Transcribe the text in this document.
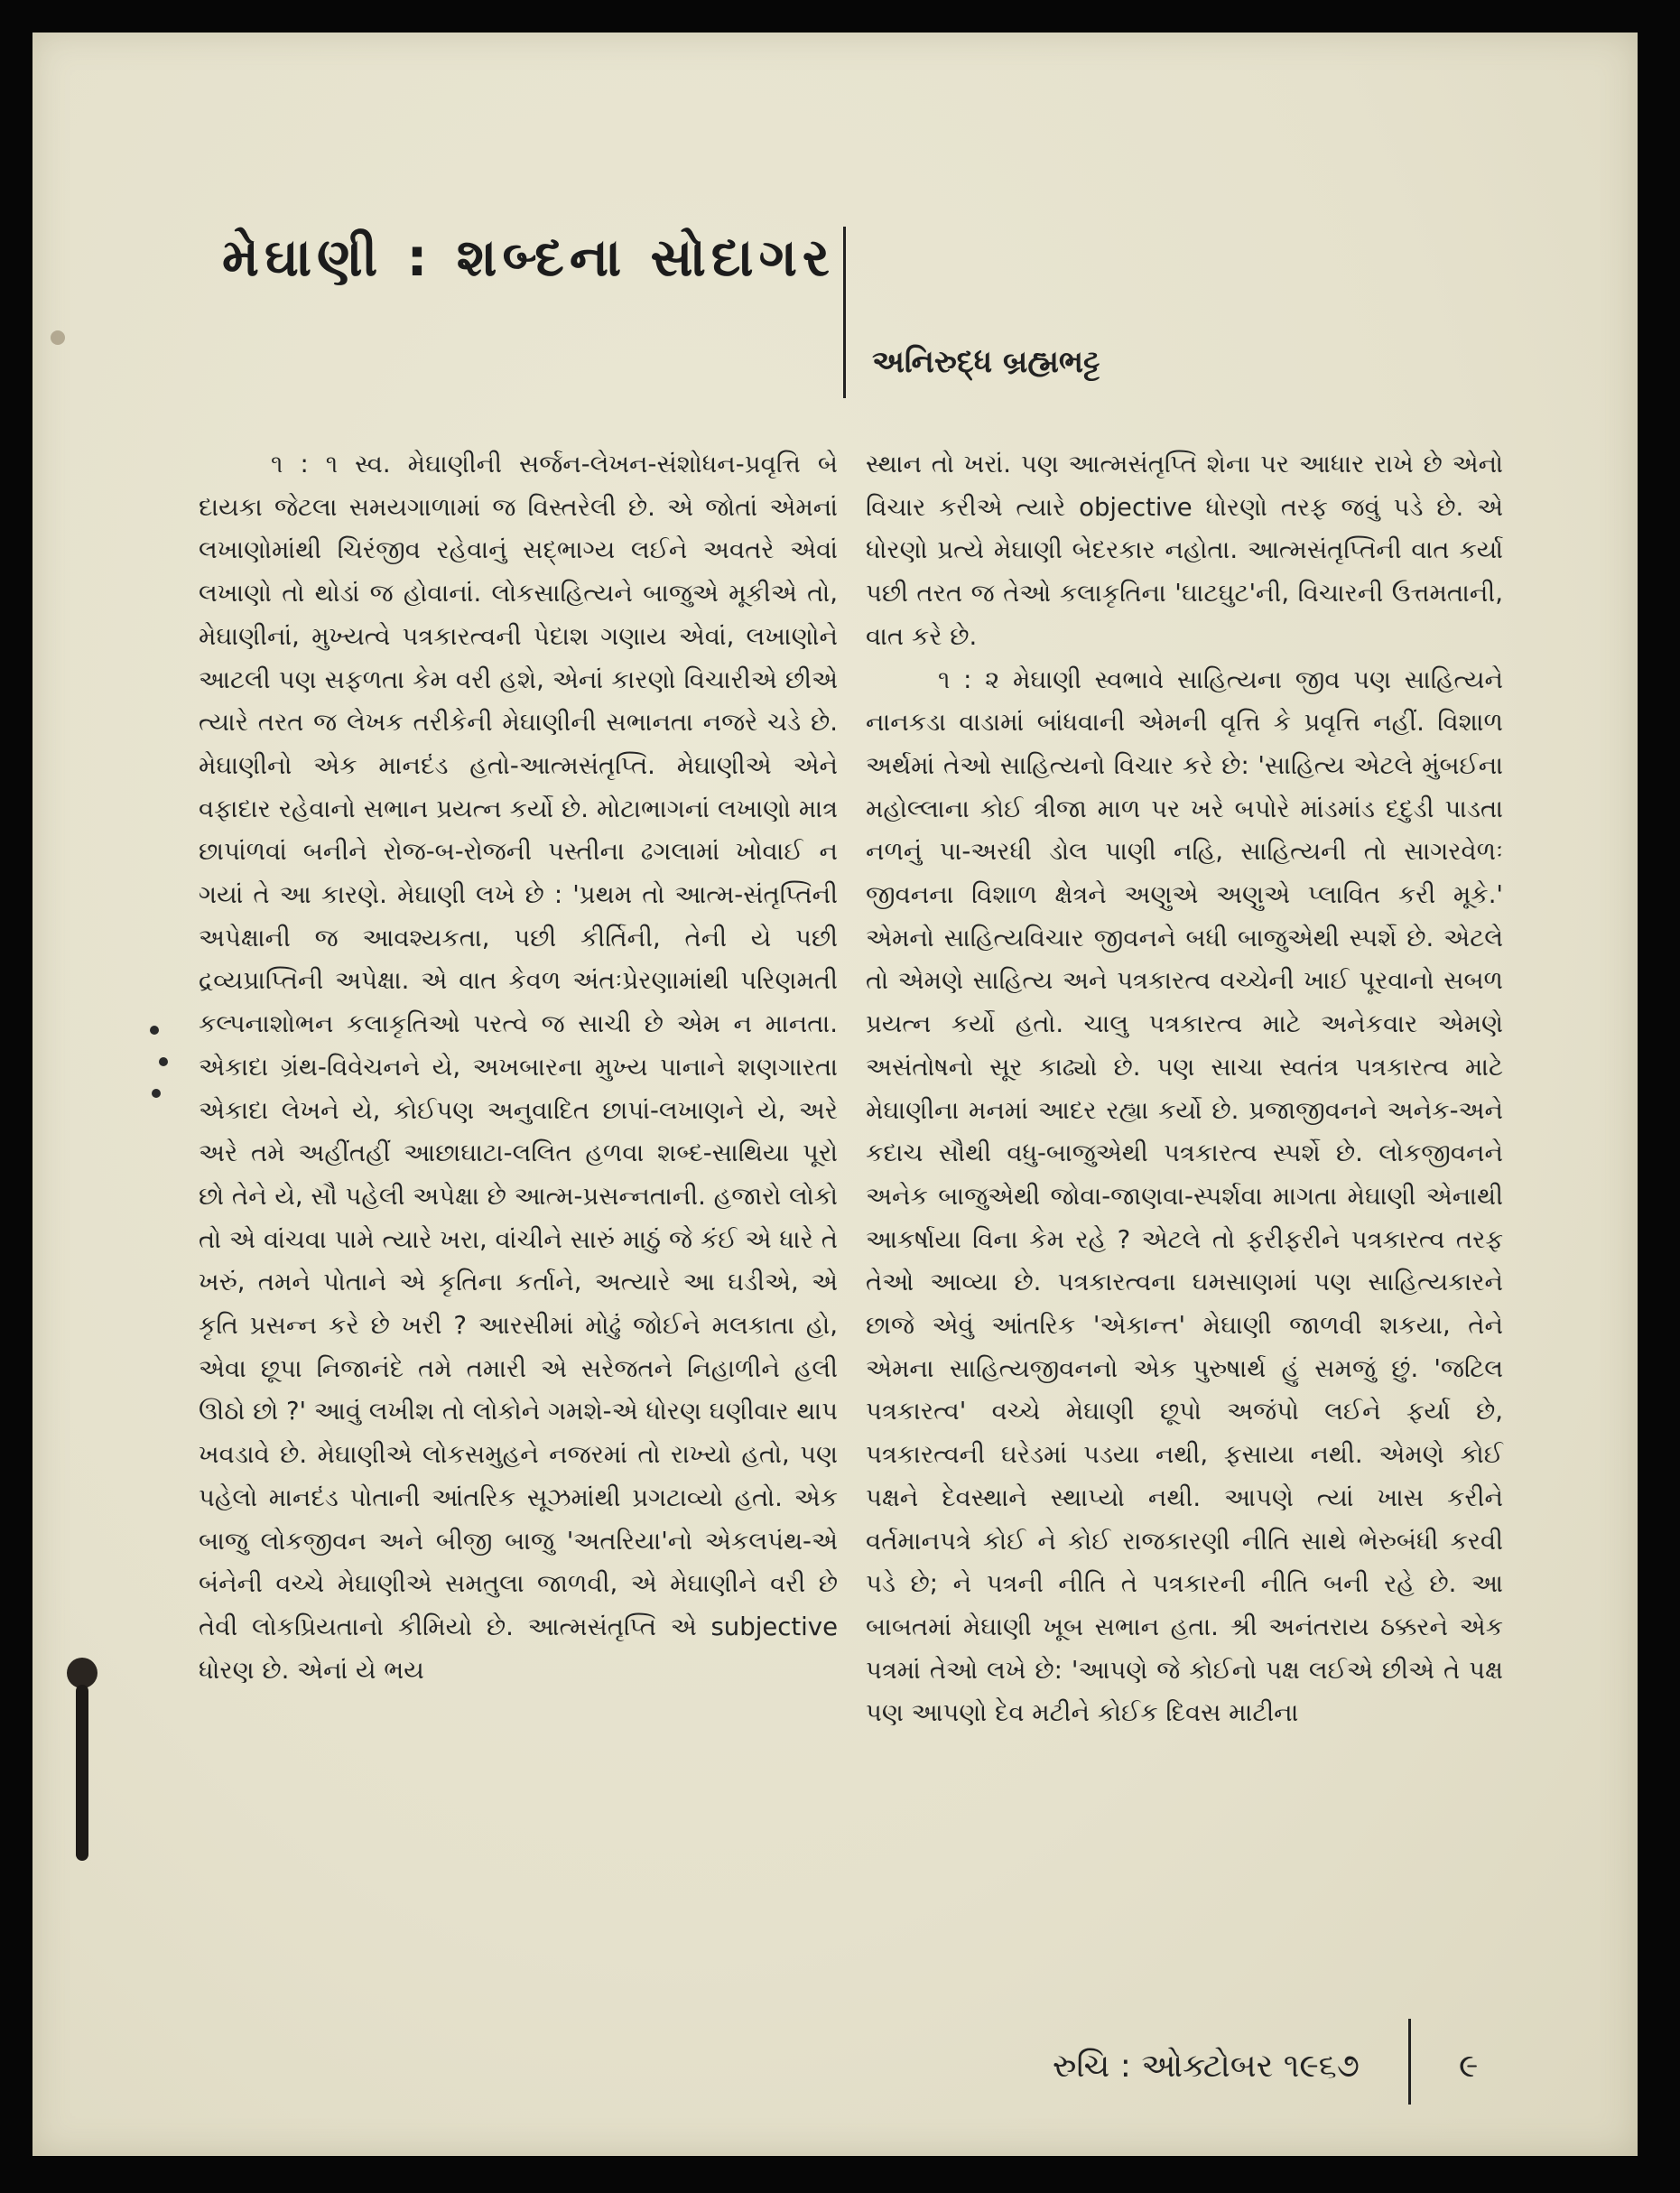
મેઘાણી : શબ્દના સોદાગર
અનિરુદ્ધ બ્રહ્મભટ્ટ

૧ : ૧ સ્વ. મેઘાણીની સર્જન-લેખન-સંશોધન-પ્રવૃત્તિ બે દાયકા જેટલા સમયગાળામાં જ વિસ્તરેલી છે. એ જોતાં એમનાં લખાણોમાંથી ચિરંજીવ રહેવાનું સદ્ભાગ્ય લઈને અવતરે એવાં લખાણો તો થોડાં જ હોવાનાં. લોકસાહિત્યને બાજુએ મૂકીએ તો, મેઘાણીનાં, મુખ્યત્વે પત્રકારત્વની પેદાશ ગણાય એવાં, લખાણોને આટલી પણ સફળતા કેમ વરી હશે, એનાં કારણો વિચારીએ છીએ ત્યારે તરત જ લેખક તરીકેની મેઘાણીની સભાનતા નજરે ચડે છે. મેઘાણીનો એક માનદંડ હતો-આત્મસંતૃપ્તિ. મેઘાણીએ એને વફાદાર રહેવાનો સભાન પ્રયત્ન કર્યો છે. મોટાભાગનાં લખાણો માત્ર છાપાંળવાં બનીને રોજ-બ-રોજની પસ્તીના ઢગલામાં ખોવાઈ ન ગયાં તે આ કારણે. મેઘાણી લખે છે : 'પ્રથમ તો આત્મ-સંતૃપ્તિની અપેક્ષાની જ આવશ્યકતા, પછી કીર્તિની, તેની યે પછી દ્રવ્યપ્રાપ્તિની અપેક્ષા. એ વાત કેવળ અંતઃપ્રેરણામાંથી પરિણમતી કલ્પનાશોભન કલાકૃતિઓ પરત્વે જ સાચી છે એમ ન માનતા. એકાદા ગ્રંથ-વિવેચનને યે, અખબારના મુખ્ય પાનાને શણગારતા એકાદા લેખને યે, કોઈપણ અનુવાદિત છાપાં-લખાણને યે, અરે અરે તમે અહીંતહીં આછાઘાટા-લલિત હળવા શબ્દ-સાથિયા પૂરો છો તેને યે, સૌ પહેલી અપેક્ષા છે આત્મ-પ્રસન્નતાની. હજારો લોકો તો એ વાંચવા પામે ત્યારે ખરા, વાંચીને સારું માઠું જે કંઈ એ ધારે તે ખરું, તમને પોતાને એ કૃતિના કર્તાને, અત્યારે આ ઘડીએ, એ કૃતિ પ્રસન્ન કરે છે ખરી ? આરસીમાં મોઢું જોઈને મલકાતા હો, એવા છૂપા નિજાનંદે તમે તમારી એ સરેજતને નિહાળીને હલી ઊઠો છો ?' આવું લખીશ તો લોકોને ગમશે-એ ધોરણ ઘણીવાર થાપ ખવડાવે છે. મેઘાણીએ લોકસમુહને નજરમાં તો રાખ્યો હતો, પણ પહેલો માનદંડ પોતાની આંતરિક સૂઝમાંથી પ્રગટાવ્યો હતો. એક બાજુ લોકજીવન અને બીજી બાજુ 'અતરિયા'નો એકલપંથ-એ બંનેની વચ્ચે મેઘાણીએ સમતુલા જાળવી, એ મેઘાણીને વરી છે તેવી લોકપ્રિયતાનો કીમિયો છે. આત્મસંતૃપ્તિ એ subjective ધોરણ છે. એનાં યે ભય

સ્થાન તો ખરાં. પણ આત્મસંતૃપ્તિ શેના પર આધાર રાખે છે એનો વિચાર કરીએ ત્યારે objective ધોરણો તરફ જવું પડે છે. એ ધોરણો પ્રત્યે મેઘાણી બેદરકાર નહોતા. આત્મસંતૃપ્તિની વાત કર્યા પછી તરત જ તેઓ કલાકૃતિના 'ઘાટઘુટ'ની, વિચારની ઉત્તમતાની, વાત કરે છે.

૧ : ૨ મેઘાણી સ્વભાવે સાહિત્યના જીવ પણ સાહિત્યને નાનકડા વાડામાં બાંધવાની એમની વૃત્તિ કે પ્રવૃત્તિ નહીં. વિશાળ અર્થમાં તેઓ સાહિત્યનો વિચાર કરે છે: 'સાહિત્ય એટલે મુંબઈના મહોલ્લાના કોઈ ત્રીજા માળ પર ખરે બપોરે માંડમાંડ દદુડી પાડતા નળનું પા-અરધી ડોલ પાણી નહિ, સાહિત્યની તો સાગરવેળઃ જીવનના વિશાળ ક્ષેત્રને અણુએ અણુએ પ્લાવિત કરી મૂકે.' એમનો સાહિત્યવિચાર જીવનને બધી બાજુએથી સ્પર્શે છે. એટલે તો એમણે સાહિત્ય અને પત્રકારત્વ વચ્ચેની ખાઈ પૂરવાનો સબળ પ્રયત્ન કર્યો હતો. ચાલુ પત્રકારત્વ માટે અનેકવાર એમણે અસંતોષનો સૂર કાઢ્યો છે. પણ સાચા સ્વતંત્ર પત્રકારત્વ માટે મેઘાણીના મનમાં આદર રહ્યા કર્યો છે. પ્રજાજીવનને અનેક-અને કદાચ સૌથી વધુ-બાજુએથી પત્રકારત્વ સ્પર્શે છે. લોકજીવનને અનેક બાજુએથી જોવા-જાણવા-સ્પર્શવા માગતા મેઘાણી એનાથી આકર્ષાયા વિના કેમ રહે ? એટલે તો ફરીફરીને પત્રકારત્વ તરફ તેઓ આવ્યા છે. પત્રકારત્વના ઘમસાણમાં પણ સાહિત્યકારને છાજે એવું આંતરિક 'એકાન્ત' મેઘાણી જાળવી શકયા, તેને એમના સાહિત્યજીવનનો એક પુરુષાર્થ હું સમજું છું. 'જટિલ પત્રકારત્વ' વચ્ચે મેઘાણી છૂપો અજંપો લઈને ફર્યા છે, પત્રકારત્વની ઘરેડમાં પડયા નથી, ફસાયા નથી. એમણે કોઈ પક્ષને દેવસ્થાને સ્થાપ્યો નથી. આપણે ત્યાં ખાસ કરીને વર્તમાનપત્રે કોઈ ને કોઈ રાજકારણી નીતિ સાથે ભેરુબંધી કરવી પડે છે; ને પત્રની નીતિ તે પત્રકારની નીતિ બની રહે છે. આ બાબતમાં મેઘાણી ખૂબ સભાન હતા. શ્રી અનંતરાય ઠક્કરને એક પત્રમાં તેઓ લખે છે: 'આપણે જે કોઈનો પક્ષ લઈએ છીએ તે પક્ષ પણ આપણો દેવ મટીને કોઈક દિવસ માટીના

રુચિ : ઓક્ટોબર ૧૯૬૭	૯
